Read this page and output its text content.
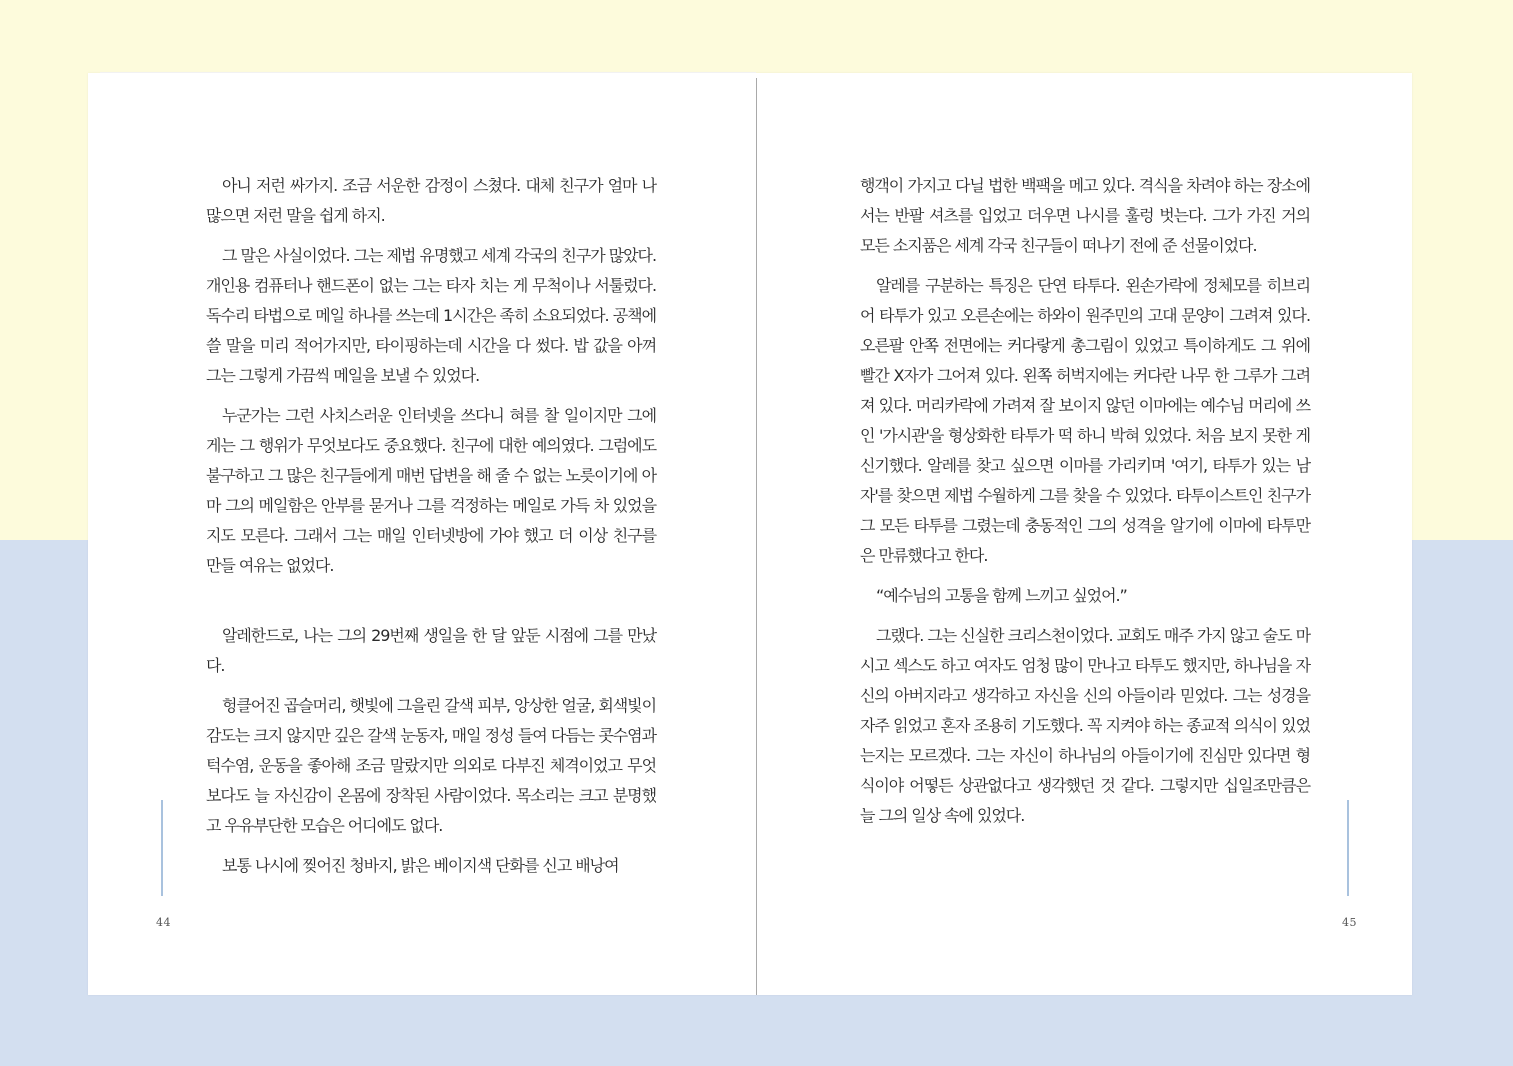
아니 저런 싸가지. 조금 서운한 감정이 스쳤다. 대체 친구가 얼마 나 많으면 저런 말을 쉽게 하지.

그 말은 사실이었다. 그는 제법 유명했고 세계 각국의 친구가 많았다. 개인용 컴퓨터나 핸드폰이 없는 그는 타자 치는 게 무척이나 서툴렀다. 독수리 타법으로 메일 하나를 쓰는데 1시간은 족히 소요되었다. 공책에 쓸 말을 미리 적어가지만, 타이핑하는데 시간을 다 썼다. 밥 값을 아껴 그는 그렇게 가끔씩 메일을 보낼 수 있었다.

누군가는 그런 사치스러운 인터넷을 쓰다니 혀를 찰 일이지만 그에게는 그 행위가 무엇보다도 중요했다. 친구에 대한 예의였다. 그럼에도 불구하고 그 많은 친구들에게 매번 답변을 해 줄 수 없는 노릇이기에 아마 그의 메일함은 안부를 묻거나 그를 걱정하는 메일로 가득 차 있었을지도 모른다. 그래서 그는 매일 인터넷방에 가야 했고 더 이상 친구를 만들 여유는 없었다.

알레한드로, 나는 그의 29번째 생일을 한 달 앞둔 시점에 그를 만났다.

헝클어진 곱슬머리, 햇빛에 그을린 갈색 피부, 앙상한 얼굴, 회색빛이 감도는 크지 않지만 깊은 갈색 눈동자, 매일 정성 들여 다듬는 콧수염과 턱수염, 운동을 좋아해 조금 말랐지만 의외로 다부진 체격이었고 무엇보다도 늘 자신감이 온몸에 장착된 사람이었다. 목소리는 크고 분명했고 우유부단한 모습은 어디에도 없다.

보통 나시에 찢어진 청바지, 밝은 베이지색 단화를 신고 배낭여

행객이 가지고 다닐 법한 백팩을 메고 있다. 격식을 차려야 하는 장소에서는 반팔 셔츠를 입었고 더우면 나시를 훌렁 벗는다. 그가 가진 거의 모든 소지품은 세계 각국 친구들이 떠나기 전에 준 선물이었다.

알레를 구분하는 특징은 단연 타투다. 왼손가락에 정체모를 히브리어 타투가 있고 오른손에는 하와이 원주민의 고대 문양이 그려져 있다. 오른팔 안쪽 전면에는 커다랗게 총그림이 있었고 특이하게도 그 위에 빨간 X자가 그어져 있다. 왼쪽 허벅지에는 커다란 나무 한 그루가 그려져 있다. 머리카락에 가려져 잘 보이지 않던 이마에는 예수님 머리에 쓰인 '가시관'을 형상화한 타투가 떡 하니 박혀 있었다. 처음 보지 못한 게 신기했다. 알레를 찾고 싶으면 이마를 가리키며 '여기, 타투가 있는 남자'를 찾으면 제법 수월하게 그를 찾을 수 있었다. 타투이스트인 친구가 그 모든 타투를 그렸는데 충동적인 그의 성격을 알기에 이마에 타투만은 만류했다고 한다.

“예수님의 고통을 함께 느끼고 싶었어.”

그랬다. 그는 신실한 크리스천이었다. 교회도 매주 가지 않고 술도 마시고 섹스도 하고 여자도 엄청 많이 만나고 타투도 했지만, 하나님을 자신의 아버지라고 생각하고 자신을 신의 아들이라 믿었다. 그는 성경을 자주 읽었고 혼자 조용히 기도했다. 꼭 지켜야 하는 종교적 의식이 있었는지는 모르겠다. 그는 자신이 하나님의 아들이기에 진심만 있다면 형식이야 어떻든 상관없다고 생각했던 것 같다. 그렇지만 십일조만큼은 늘 그의 일상 속에 있었다.

44	45
